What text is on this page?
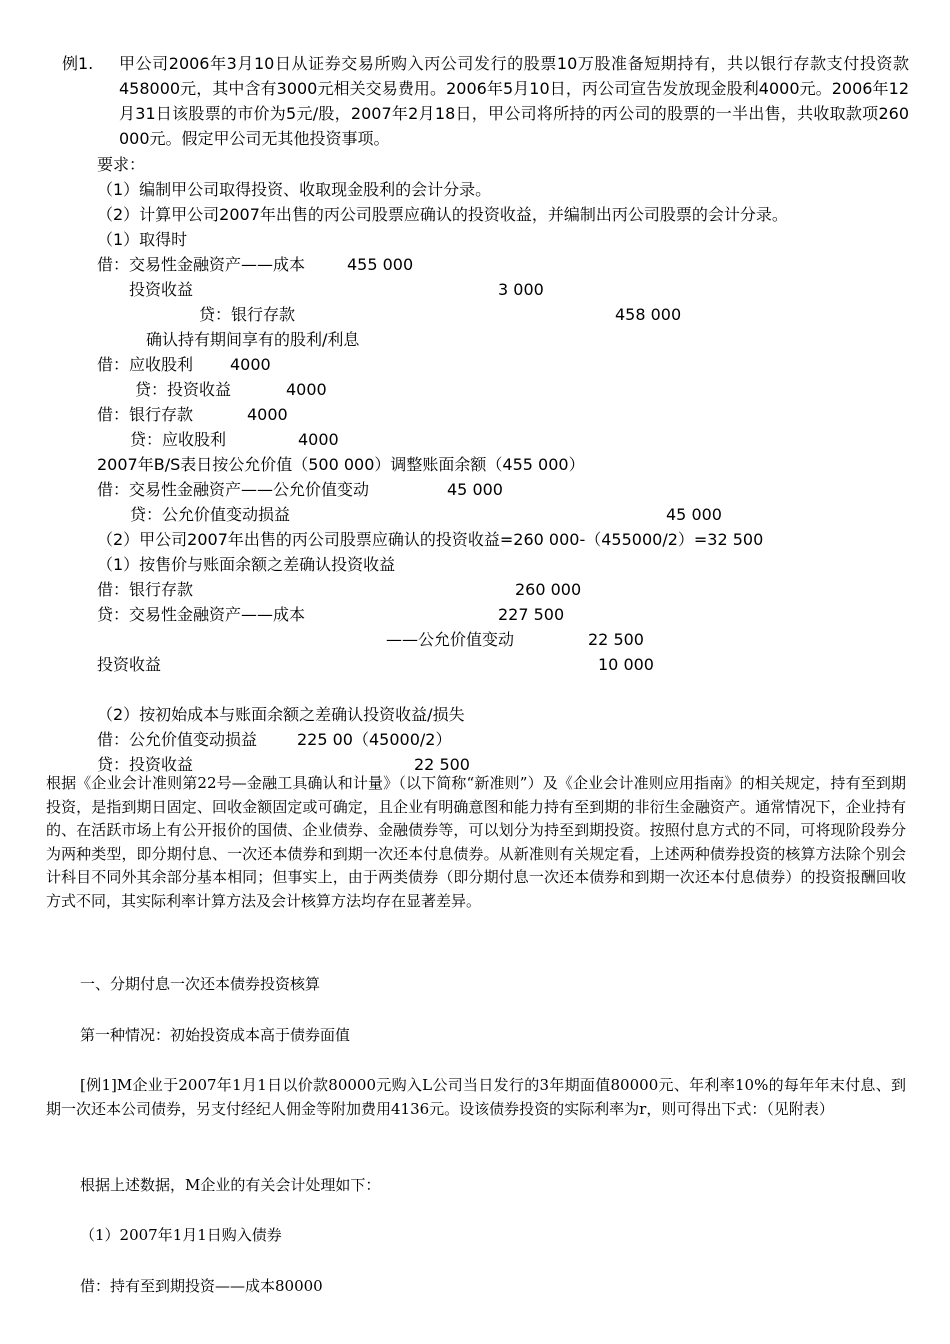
例1. 甲公司2006年3月10日从证券交易所购入丙公司发行的股票10万股准备短期持有，共以银行存款支付投资款458000元，其中含有3000元相关交易费用。2006年5月10日，丙公司宣告发放现金股利4000元。2006年12月31日该股票的市价为5元/股，2007年2月18日，甲公司将所持的丙公司的股票的一半出售，共收取款项260 000元。假定甲公司无其他投资事项。
要求：
（1）编制甲公司取得投资、收取现金股利的会计分录。
（2）计算甲公司2007年出售的丙公司股票应确认的投资收益，并编制出丙公司股票的会计分录。
（1）取得时
借：交易性金融资产——成本	455 000
投资收益	3 000
贷：银行存款	458 000
确认持有期间享有的股利/利息
借：应收股利 4000
贷：投资收益	4000
借：银行存款	4000
贷：应收股利	4000
2007年B/S表日按公允价值（500 000）调整账面余额（455 000）
借：交易性金融资产——公允价值变动	45 000
贷：公允价值变动损益	45 000
（2）甲公司2007年出售的丙公司股票应确认的投资收益=260 000-（455000/2）=32 500
（1）按售价与账面余额之差确认投资收益
借：银行存款	260 000
贷：交易性金融资产——成本	227 500
——公允价值变动	22 500
投资收益	10 000
（2）按初始成本与账面余额之差确认投资收益/损失
借：公允价值变动损益 225 00（45000/2）
贷：投资收益	22 500
根据《企业会计准则第22号—金融工具确认和计量》（以下简称“新准则”）及《企业会计准则应用指南》的相关规定，持有至到期投资，是指到期日固定、回收金额固定或可确定，且企业有明确意图和能力持有至到期的非衍生金融资产。通常情况下，企业持有的、在活跃市场上有公开报价的国债、企业债券、金融债券等，可以划分为持至到期投资。按照付息方式的不同，可将现阶段券分为两种类型，即分期付息、一次还本债券和到期一次还本付息债券。从新准则有关规定看，上述两种债券投资的核算方法除个别会计科目不同外其余部分基本相同；但事实上，由于两类债券（即分期付息一次还本债券和到期一次还本付息债券）的投资报酬回收方式不同，其实际利率计算方法及会计核算方法均存在显著差异。
一、分期付息一次还本债券投资核算
第一种情况：初始投资成本高于债券面值
[例1]M企业于2007年1月1日以价款80000元购入L公司当日发行的3年期面值80000元、年利率10%的每年年末付息、到期一次还本公司债券，另支付经纪人佣金等附加费用4136元。设该债券投资的实际利率为r，则可得出下式：（见附表）
根据上述数据，M企业的有关会计处理如下：
（1）2007年1月1日购入债券
借：持有至到期投资——成本80000
